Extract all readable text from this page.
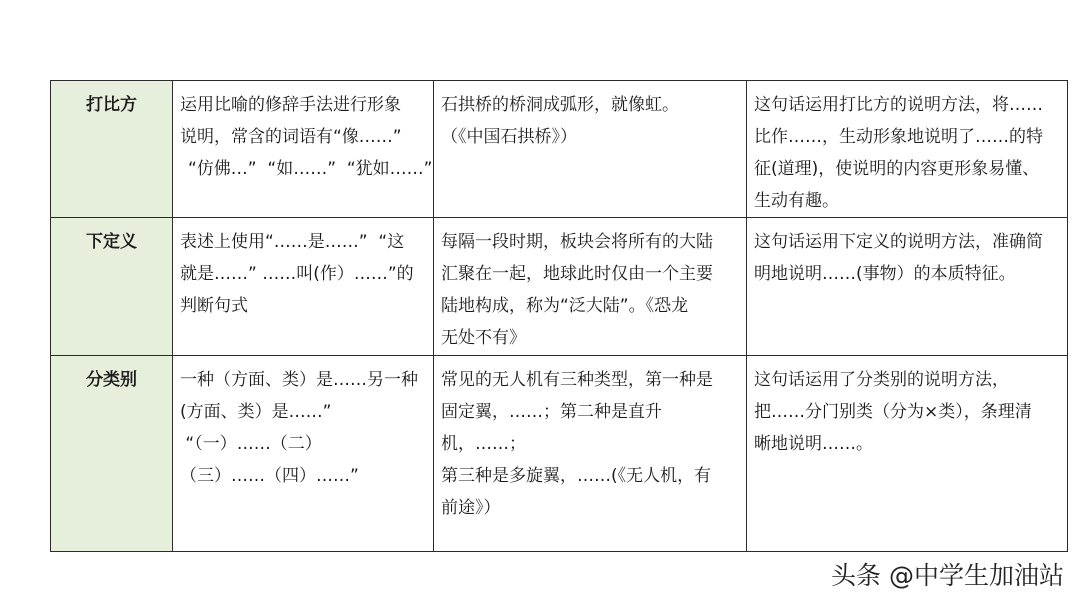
打比方	运用比喻的修辞手法进行形象
说明，常含的词语有“像……”
“仿佛…”  “如……”  “犹如……”	石拱桥的桥洞成弧形，就像虹。
（《中国石拱桥》）	这句话运用打比方的说明方法，将……
比作……，生动形象地说明了……的特
征(道理)，使说明的内容更形象易懂、
生动有趣。

下定义	表述上使用“……是……”  “这
就是……” ……叫(作）……”的
判断句式	每隔一段时期，板块会将所有的大陆
汇聚在一起，地球此时仅由一个主要
陆地构成，称为“泛大陆”。《恐龙
无处不有》	这句话运用下定义的说明方法，准确简
明地说明……(事物）的本质特征。

分类别	一种（方面、类）是……另一种
(方面、类）是……”
“（一）……（二）
（三）……（四）……”	常见的无人机有三种类型，第一种是
固定翼，……；第二种是直升机，……；
第三种是多旋翼，……(《无人机，有
前途》）	这句话运用了分类别的说明方法，
把……分门别类（分为×类），条理清
晰地说明……。
头条 @中学生加油站
